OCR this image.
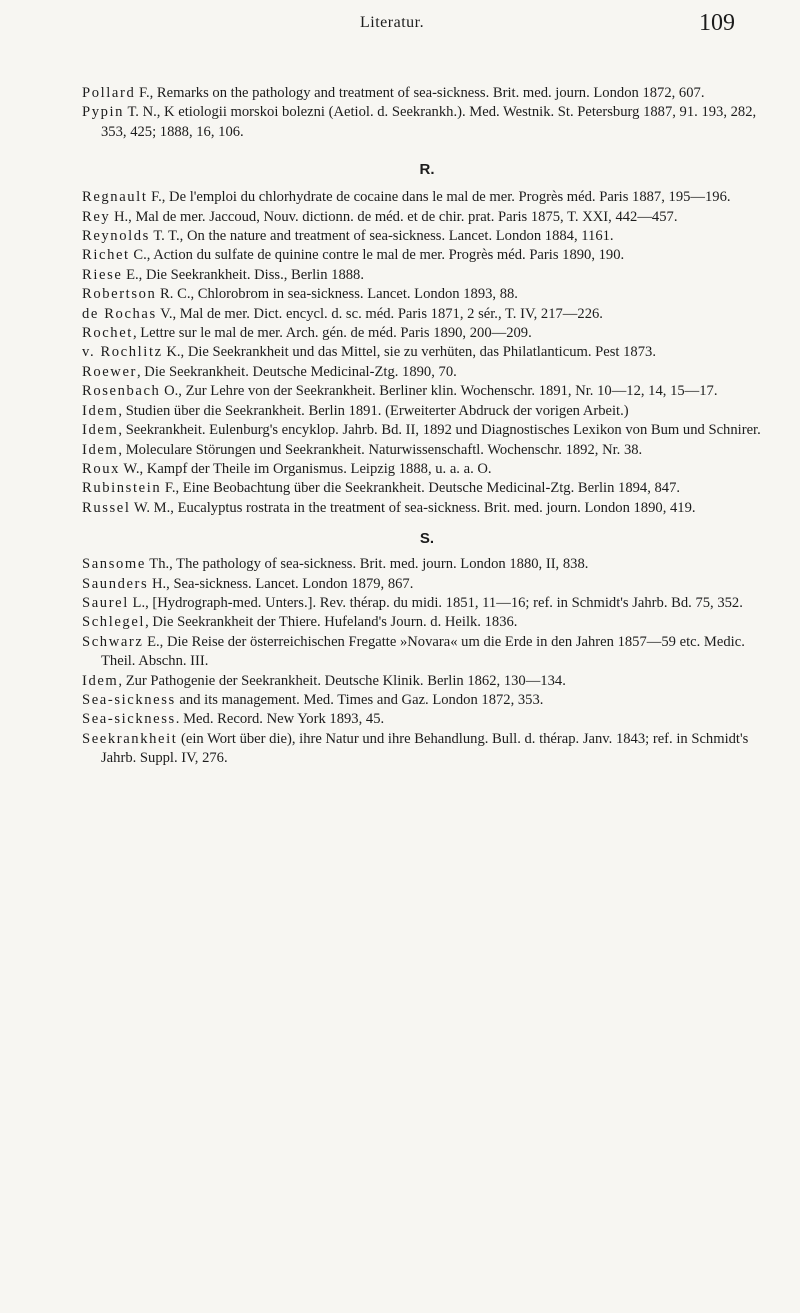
Literatur.	109

Pollard F., Remarks on the pathology and treatment of sea-sickness. Brit. med. journ. London 1872, 607.

Pypin T. N., K etiologii morskoi bolezni (Aetiol. d. Seekrankh.). Med. Westnik. St. Petersburg 1887, 91. 193, 282, 353, 425; 1888, 16, 106.

R.

Regnault F., De l'emploi du chlorhydrate de cocaine dans le mal de mer. Progrès méd. Paris 1887, 195—196.

Rey H., Mal de mer. Jaccoud, Nouv. dictionn. de méd. et de chir. prat. Paris 1875, T. XXI, 442—457.

Reynolds T. T., On the nature and treatment of sea-sickness. Lancet. London 1884, 1161.

Richet C., Action du sulfate de quinine contre le mal de mer. Progrès méd. Paris 1890, 190.

Riese E., Die Seekrankheit. Diss., Berlin 1888.

Robertson R. C., Chlorobrom in sea-sickness. Lancet. London 1893, 88.

de Rochas V., Mal de mer. Dict. encycl. d. sc. méd. Paris 1871, 2 sér., T. IV, 217—226.

Rochet, Lettre sur le mal de mer. Arch. gén. de méd. Paris 1890, 200—209.

v. Rochlitz K., Die Seekrankheit und das Mittel, sie zu verhüten, das Philatlanticum. Pest 1873.

Roewer, Die Seekrankheit. Deutsche Medicinal-Ztg. 1890, 70.

Rosenbach O., Zur Lehre von der Seekrankheit. Berliner klin. Wochenschr. 1891, Nr. 10—12, 14, 15—17.

Idem, Studien über die Seekrankheit. Berlin 1891. (Erweiterter Abdruck der vorigen Arbeit.)

Idem, Seekrankheit. Eulenburg's encyklop. Jahrb. Bd. II, 1892 und Diagnostisches Lexikon von Bum und Schnirer.

Idem, Moleculare Störungen und Seekrankheit. Naturwissenschaftl. Wochenschr. 1892, Nr. 38.

Roux W., Kampf der Theile im Organismus. Leipzig 1888, u. a. a. O.

Rubinstein F., Eine Beobachtung über die Seekrankheit. Deutsche Medicinal-Ztg. Berlin 1894, 847.

Russel W. M., Eucalyptus rostrata in the treatment of sea-sickness. Brit. med. journ. London 1890, 419.

S.

Sansome Th., The pathology of sea-sickness. Brit. med. journ. London 1880, II, 838.

Saunders H., Sea-sickness. Lancet. London 1879, 867.

Saurel L., [Hydrograph-med. Unters.]. Rev. thérap. du midi. 1851, 11—16; ref. in Schmidt's Jahrb. Bd. 75, 352.

Schlegel, Die Seekrankheit der Thiere. Hufeland's Journ. d. Heilk. 1836.

Schwarz E., Die Reise der österreichischen Fregatte »Novara« um die Erde in den Jahren 1857—59 etc. Medic. Theil. Abschn. III.

Idem, Zur Pathogenie der Seekrankheit. Deutsche Klinik. Berlin 1862, 130—134.

Sea-sickness and its management. Med. Times and Gaz. London 1872, 353.

Sea-sickness. Med. Record. New York 1893, 45.

Seekrankheit (ein Wort über die), ihre Natur und ihre Behandlung. Bull. d. thérap. Janv. 1843; ref. in Schmidt's Jahrb. Suppl. IV, 276.
